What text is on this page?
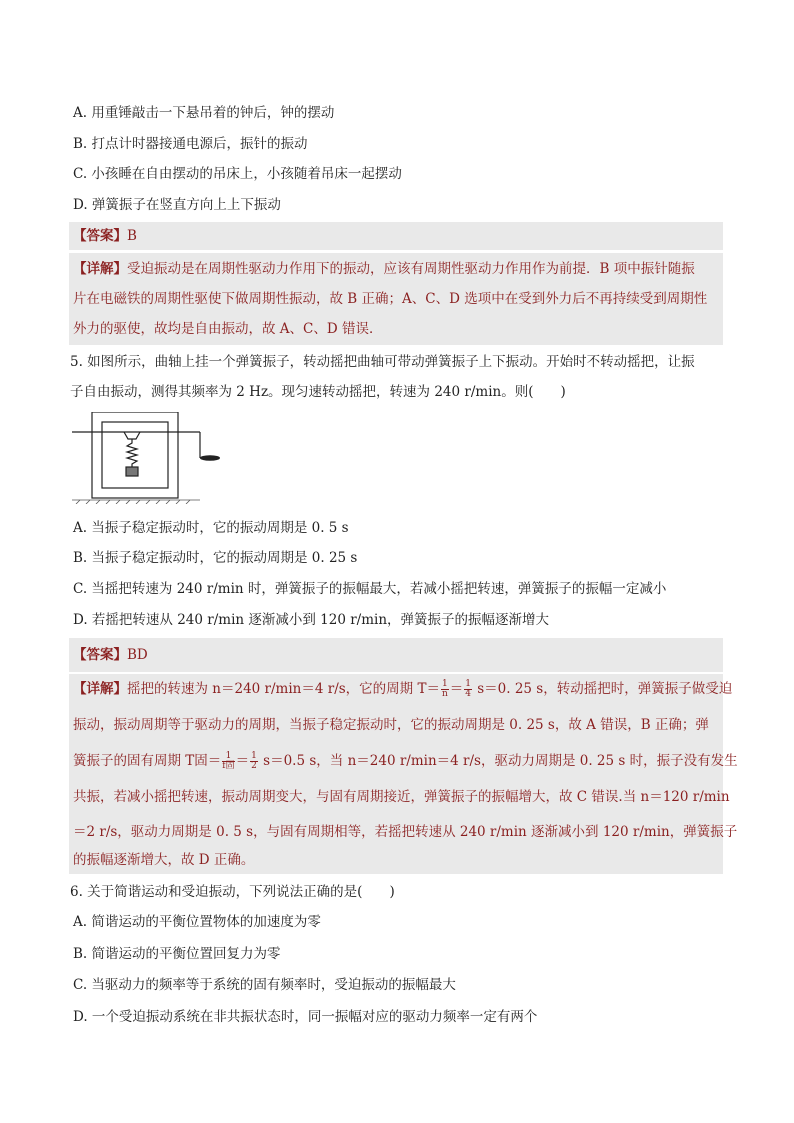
A. 用重锤敲击一下悬吊着的钟后，钟的摆动
B. 打点计时器接通电源后，振针的振动
C. 小孩睡在自由摆动的吊床上，小孩随着吊床一起摆动
D. 弹簧振子在竖直方向上上下振动
【答案】B
【详解】受迫振动是在周期性驱动力作用下的振动，应该有周期性驱动力作用作为前提．B 项中振针随振
片在电磁铁的周期性驱使下做周期性振动，故 B 正确；A、C、D 选项中在受到外力后不再持续受到周期性
外力的驱使，故均是自由振动，故 A、C、D 错误．
5. 如图所示，曲轴上挂一个弹簧振子，转动摇把曲轴可带动弹簧振子上下振动。开始时不转动摇把，让振
子自由振动，测得其频率为 2 Hz。现匀速转动摇把，转速为 240 r/min。则(　　)
A. 当振子稳定振动时，它的振动周期是 0. 5 s
B. 当振子稳定振动时，它的振动周期是 0. 25 s
C. 当摇把转速为 240 r/min 时，弹簧振子的振幅最大，若减小摇把转速，弹簧振子的振幅一定减小
D. 若摇把转速从 240 r/min 逐渐减小到 120 r/min，弹簧振子的振幅逐渐增大
【答案】BD
【详解】摇把的转速为 n＝240 r/min＝4 r/s，它的周期 $T= \frac{1}{n} = \frac{1}{4} s=0$. 25 s，转动摇把时，弹簧振子做受迫
振动，振动周期等于驱动力的周期，当振子稳定振动时，它的振动周期是 0. 25 s，故 A 错误，B 正确；弹
簧振子的固有周期 T固＝ $\frac{1}{\text{f固}} = \frac{1}{2} s=0.5$ s，当 n＝240 r/min＝4 r/s，驱动力周期是 0. 25 s 时，振子没有发生
共振，若减小摇把转速，振动周期变大，与固有周期接近，弹簧振子的振幅增大，故 C 错误.当 n＝120 r/min
＝2 r/s，驱动力周期是 0. 5 s，与固有周期相等，若摇把转速从 240 r/min 逐渐减小到 120 r/min，弹簧振子
的振幅逐渐增大，故 D 正确。
6. 关于简谐运动和受迫振动，下列说法正确的是(　　)
A. 简谐运动的平衡位置物体的加速度为零
B. 简谐运动的平衡位置回复力为零
C. 当驱动力的频率等于系统的固有频率时，受迫振动的振幅最大
D. 一个受迫振动系统在非共振状态时，同一振幅对应的驱动力频率一定有两个
